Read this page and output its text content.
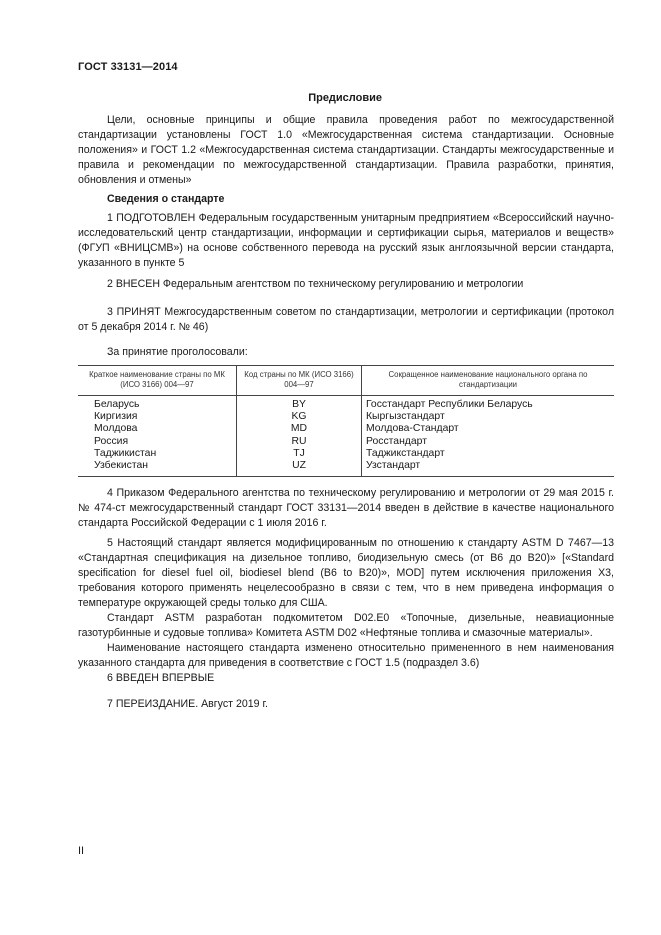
ГОСТ 33131—2014
Предисловие
Цели, основные принципы и общие правила проведения работ по межгосударственной стандартизации установлены ГОСТ 1.0 «Межгосударственная система стандартизации. Основные положения» и ГОСТ 1.2 «Межгосударственная система стандартизации. Стандарты межгосударственные и правила и рекомендации по межгосударственной стандартизации. Правила разработки, принятия, обновления и отмены»
Сведения о стандарте
1 ПОДГОТОВЛЕН Федеральным государственным унитарным предприятием «Всероссийский научно-исследовательский центр стандартизации, информации и сертификации сырья, материалов и веществ» (ФГУП «ВНИЦСМВ») на основе собственного перевода на русский язык англоязычной версии стандарта, указанного в пункте 5
2 ВНЕСЕН Федеральным агентством по техническому регулированию и метрологии
3 ПРИНЯТ Межгосударственным советом по стандартизации, метрологии и сертификации (протокол от 5 декабря 2014 г. № 46)
За принятие проголосовали:
Краткое наименование страны по МК (ИСО 3166) 004—97	Код страны по МК (ИСО 3166) 004—97	Сокращенное наименование национального органа по стандартизации
Беларусь	BY	Госстандарт Республики Беларусь
Киргизия	KG	Кыргызстандарт
Молдова	MD	Молдова-Стандарт
Россия	RU	Росстандарт
Таджикистан	TJ	Таджикстандарт
Узбекистан	UZ	Узстандарт
4 Приказом Федерального агентства по техническому регулированию и метрологии от 29 мая 2015 г. № 474-ст межгосударственный стандарт ГОСТ 33131—2014 введен в действие в качестве национального стандарта Российской Федерации с 1 июля 2016 г.

5 Настоящий стандарт является модифицированным по отношению к стандарту ASTM D 7467—13 «Стандартная спецификация на дизельное топливо, биодизельную смесь (от В6 до В20)» [«Standard specification for diesel fuel oil, biodiesel blend (B6 to B20)», MOD] путем исключения приложения Х3, требования которого применять нецелесообразно в связи с тем, что в нем приведена информация о температуре окружающей среды только для США.

Стандарт ASTM разработан подкомитетом D02.E0 «Топочные, дизельные, неавиационные газотурбинные и судовые топлива» Комитета ASTM D02 «Нефтяные топлива и смазочные материалы».

Наименование настоящего стандарта изменено относительно примененного в нем наименования указанного стандарта для приведения в соответствие с ГОСТ 1.5 (подраздел 3.6)

6 ВВЕДЕН ВПЕРВЫЕ
7 ПЕРЕИЗДАНИЕ. Август 2019 г.
II
